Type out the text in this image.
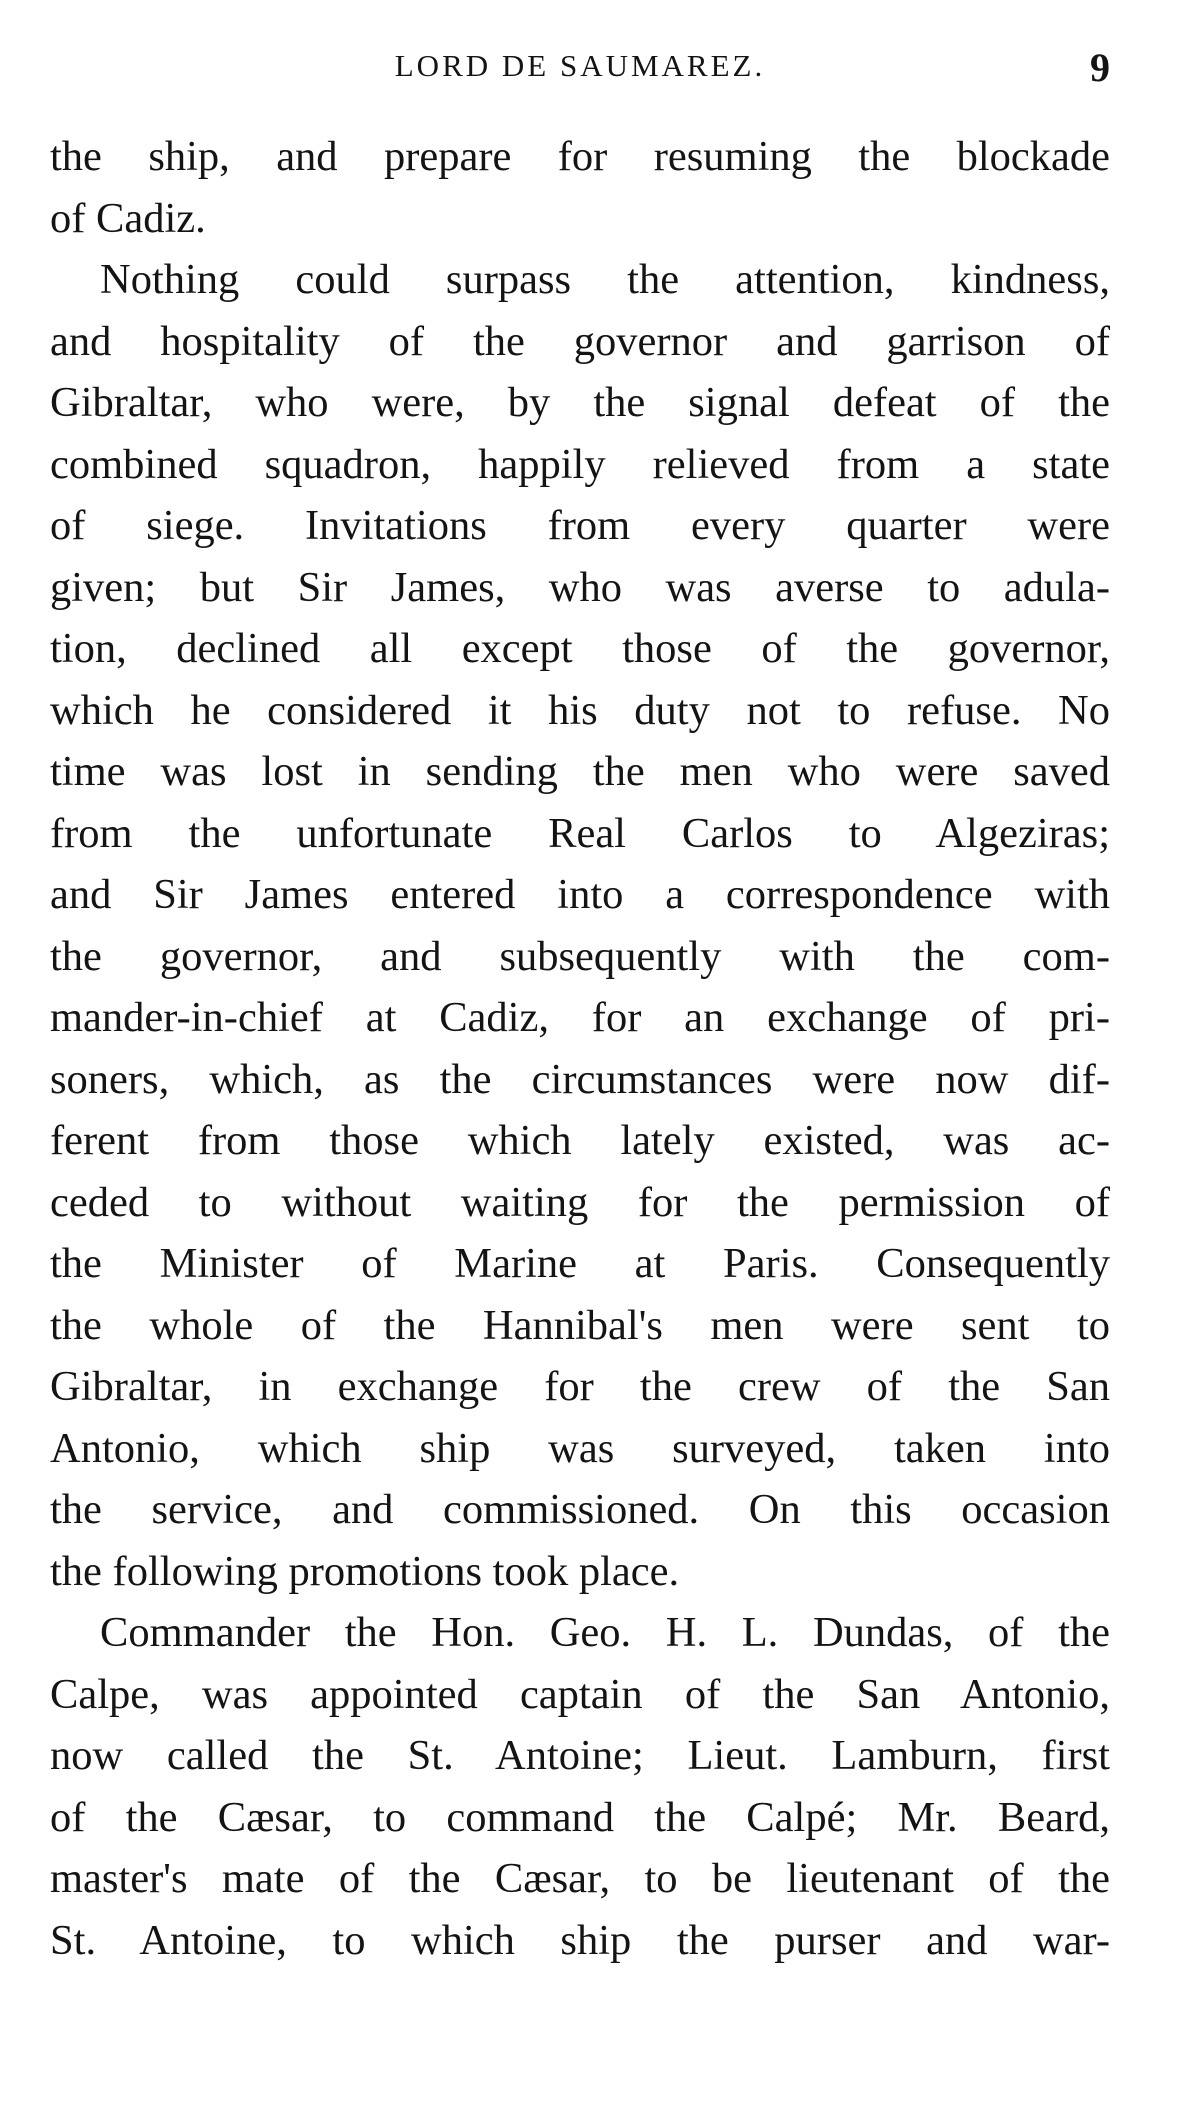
LORD DE SAUMAREZ.	9
the ship, and prepare for resuming the blockade
of Cadiz.
Nothing could surpass the attention, kindness,
and hospitality of the governor and garrison of
Gibraltar, who were, by the signal defeat of the
combined squadron, happily relieved from a state
of siege. Invitations from every quarter were
given; but Sir James, who was averse to adula-
tion, declined all except those of the governor,
which he considered it his duty not to refuse. No
time was lost in sending the men who were saved
from the unfortunate Real Carlos to Algeziras;
and Sir James entered into a correspondence with
the governor, and subsequently with the com-
mander-in-chief at Cadiz, for an exchange of pri-
soners, which, as the circumstances were now dif-
ferent from those which lately existed, was ac-
ceded to without waiting for the permission of
the Minister of Marine at Paris. Consequently
the whole of the Hannibal's men were sent to
Gibraltar, in exchange for the crew of the San
Antonio, which ship was surveyed, taken into
the service, and commissioned. On this occasion
the following promotions took place.
Commander the Hon. Geo. H. L. Dundas, of the
Calpe, was appointed captain of the San Antonio,
now called the St. Antoine; Lieut. Lamburn, first
of the Cæsar, to command the Calpé; Mr. Beard,
master's mate of the Cæsar, to be lieutenant of the
St. Antoine, to which ship the purser and war-
